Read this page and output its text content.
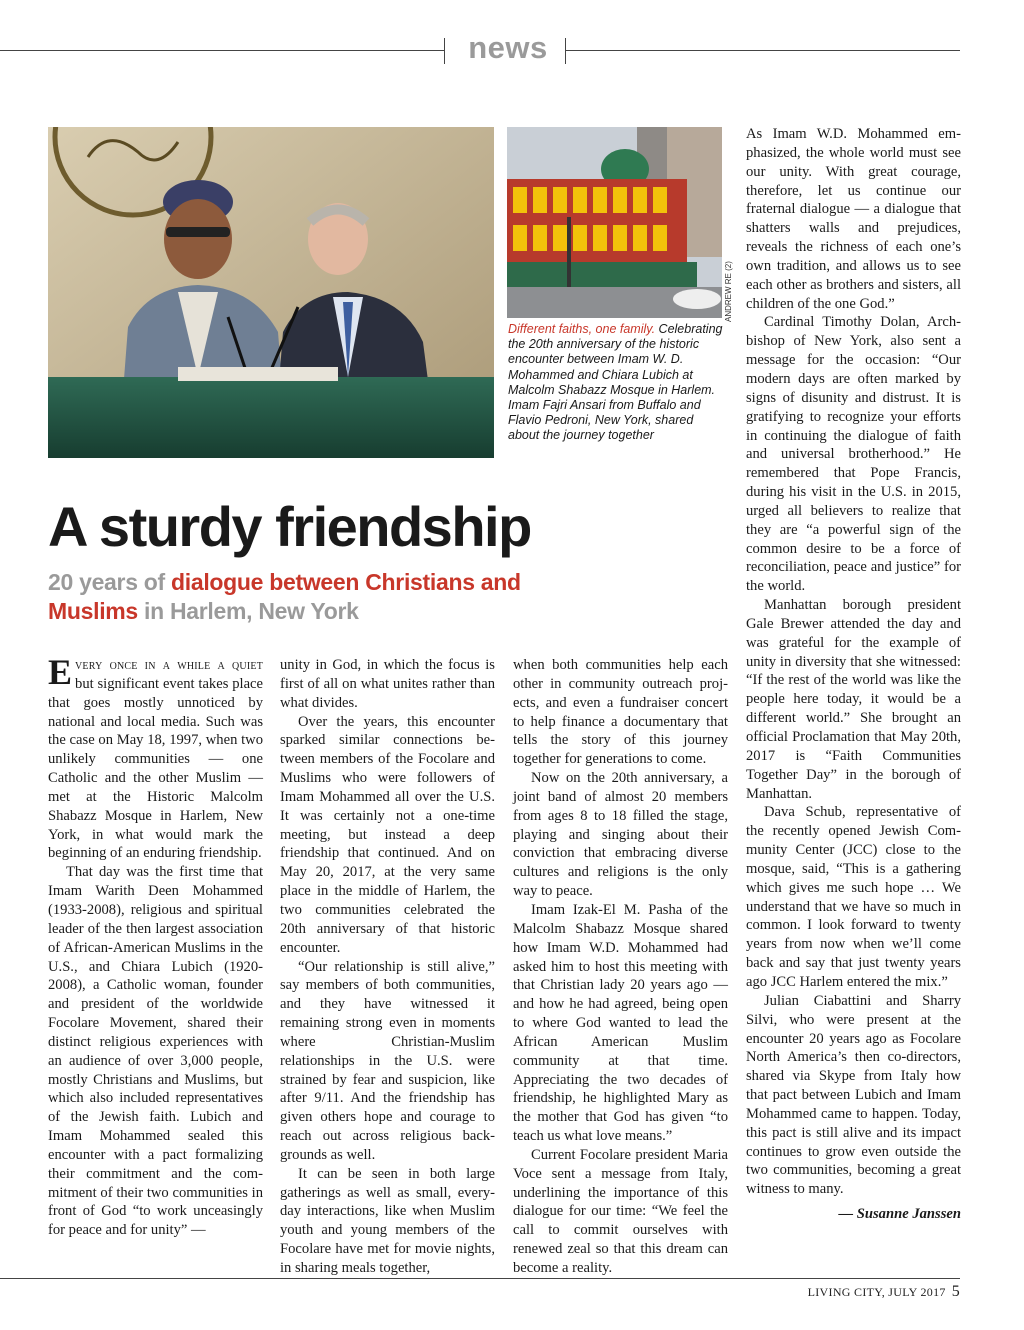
news
ANDREW RE (2)
Different faiths, one family. Celebrating the 20th anniversary of the historic encounter between Imam W. D. Mohammed and Chiara Lubich at Malcolm Shabazz Mosque in Harlem. Imam Fajri Ansari from Buffalo and Flavio Pedroni, New York, shared about the journey together
A sturdy friendship
20 years of dialogue between Christians and Muslims in Harlem, New York

Every once in a while a quiet but significant event takes place that goes mostly unnoticed by national and local media. Such was the case on May 18, 1997, when two unlikely communities — one Catholic and the other Muslim — met at the Historic Malcolm Shabazz Mosque in Harlem, New York, in what would mark the beginning of an enduring friendship.

That day was the first time that Imam Warith Deen Mohammed (1933-2008), religious and spiritual leader of the then largest association of African-American Muslims in the U.S., and Chiara Lubich (1920-2008), a Catholic woman, founder and president of the worldwide Focolare Movement, shared their distinct religious experiences with an audience of over 3,000 people, mostly Christians and Muslims, but which also included representatives of the Jewish faith. Lubich and Imam Mohammed sealed this encounter with a pact formalizing their commitment and the commitment of their two communities in front of God “to work unceasingly for peace and for unity” —

unity in God, in which the focus is first of all on what unites rather than what divides.

Over the years, this encounter sparked similar connections between members of the Focolare and Muslims who were followers of Imam Mohammed all over the U.S. It was certainly not a one-time meeting, but instead a deep friendship that continued. And on May 20, 2017, at the very same place in the middle of Harlem, the two communities celebrated the 20th anniversary of that historic encounter.

“Our relationship is still alive,” say members of both communities, and they have witnessed it remaining strong even in moments where Christian-Muslim relationships in the U.S. were strained by fear and suspicion, like after 9/11. And the friendship has given others hope and courage to reach out across religious backgrounds as well.

It can be seen in both large gatherings as well as small, everyday interactions, like when Muslim youth and young members of the Focolare have met for movie nights, in sharing meals together,

when both communities help each other in community outreach projects, and even a fundraiser concert to help finance a documentary that tells the story of this journey together for generations to come.

Now on the 20th anniversary, a joint band of almost 20 members from ages 8 to 18 filled the stage, playing and singing about their conviction that embracing diverse cultures and religions is the only way to peace.

Imam Izak-El M. Pasha of the Malcolm Shabazz Mosque shared how Imam W.D. Mohammed had asked him to host this meeting with that Christian lady 20 years ago — and how he had agreed, being open to where God wanted to lead the African American Muslim community at that time. Appreciating the two decades of friendship, he highlighted Mary as the mother that God has given “to teach us what love means.”

Current Focolare president Maria Voce sent a message from Italy, underlining the importance of this dialogue for our time: “We feel the call to commit ourselves with renewed zeal so that this dream can become a reality.

As Imam W.D. Mohammed emphasized, the whole world must see our unity. With great courage, therefore, let us continue our fraternal dialogue — a dialogue that shatters walls and prejudices, reveals the richness of each one’s own tradition, and allows us to see each other as brothers and sisters, all children of the one God.”

Cardinal Timothy Dolan, Archbishop of New York, also sent a message for the occasion: “Our modern days are often marked by signs of disunity and distrust. It is gratifying to recognize your efforts in continuing the dialogue of faith and universal brotherhood.” He remembered that Pope Francis, during his visit in the U.S. in 2015, urged all believers to realize that they are “a powerful sign of the common desire to be a force of reconciliation, peace and justice” for the world.

Manhattan borough president Gale Brewer attended the day and was grateful for the example of unity in diversity that she witnessed: “If the rest of the world was like the people here today, it would be a different world.” She brought an official Proclamation that May 20th, 2017 is “Faith Communities Together Day” in the borough of Manhattan.

Dava Schub, representative of the recently opened Jewish Community Center (JCC) close to the mosque, said, “This is a gathering which gives me such hope … We understand that we have so much in common. I look forward to twenty years from now when we’ll come back and say that just twenty years ago JCC Harlem entered the mix.”

Julian Ciabattini and Sharry Silvi, who were present at the encounter 20 years ago as Focolare North America’s then co-directors, shared via Skype from Italy how that pact between Lubich and Imam Mohammed came to happen. Today, this pact is still alive and its impact continues to grow even outside the two communities, becoming a great witness to many.

— Susanne Janssen

LIVING CITY, JULY 2017 5
